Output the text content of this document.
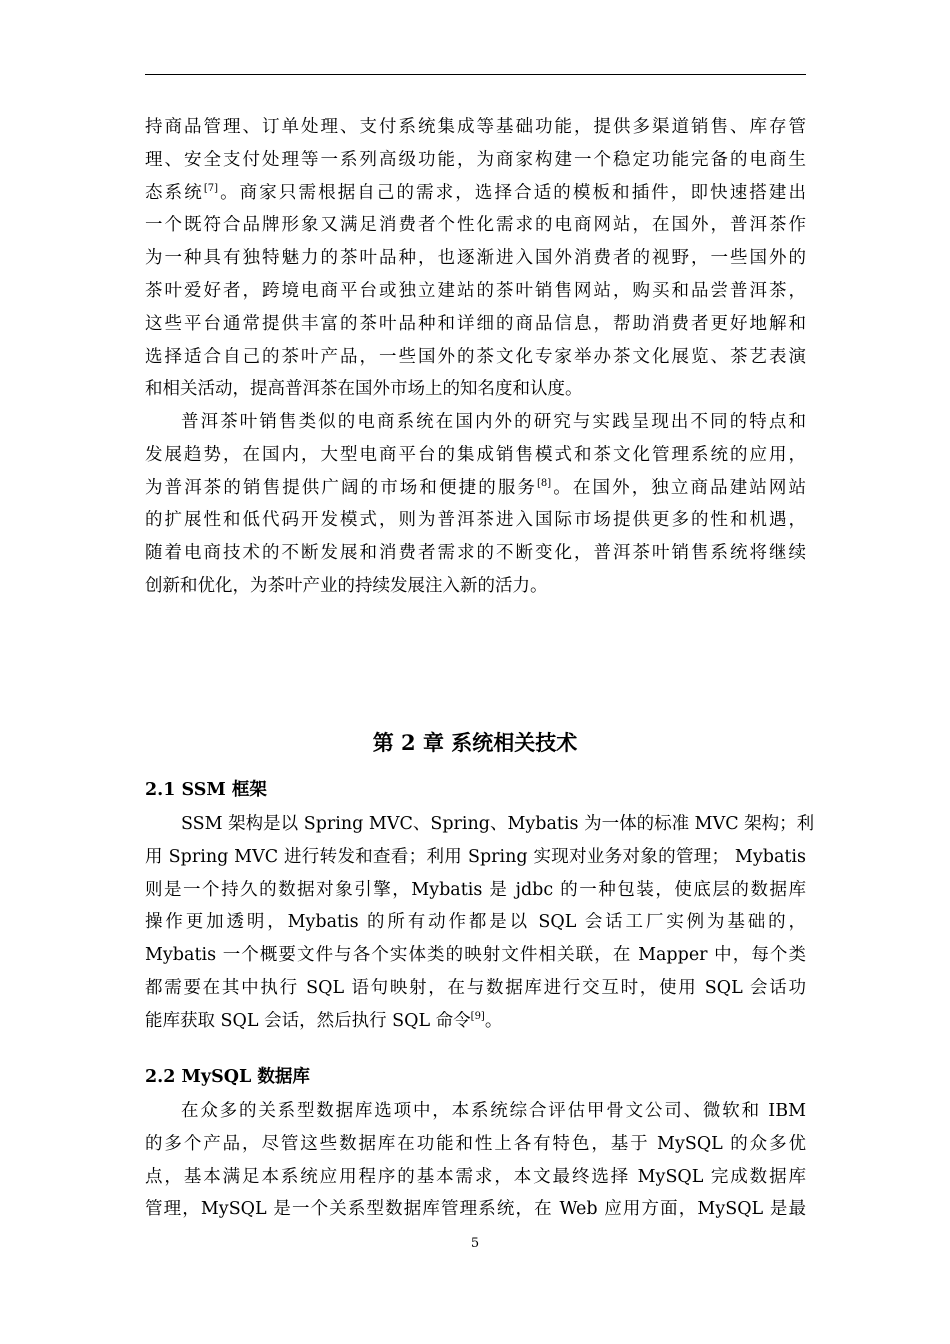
持商品管理、订单处理、支付系统集成等基础功能，提供多渠道销售、库存管
理、安全支付处理等一系列高级功能，为商家构建一个稳定功能完备的电商生
态系统[7]。商家只需根据自己的需求，选择合适的模板和插件，即快速搭建出
一个既符合品牌形象又满足消费者个性化需求的电商网站，在国外，普洱茶作
为一种具有独特魅力的茶叶品种，也逐渐进入国外消费者的视野，一些国外的
茶叶爱好者，跨境电商平台或独立建站的茶叶销售网站，购买和品尝普洱茶，
这些平台通常提供丰富的茶叶品种和详细的商品信息，帮助消费者更好地解和
选择适合自己的茶叶产品，一些国外的茶文化专家举办茶文化展览、茶艺表演
和相关活动，提高普洱茶在国外市场上的知名度和认度。
普洱茶叶销售类似的电商系统在国内外的研究与实践呈现出不同的特点和
发展趋势，在国内，大型电商平台的集成销售模式和茶文化管理系统的应用，
为普洱茶的销售提供广阔的市场和便捷的服务[8]。在国外，独立商品建站网站
的扩展性和低代码开发模式，则为普洱茶进入国际市场提供更多的性和机遇，
随着电商技术的不断发展和消费者需求的不断变化，普洱茶叶销售系统将继续
创新和优化，为茶叶产业的持续发展注入新的活力。
第 2 章 系统相关技术
2.1 SSM 框架
SSM 架构是以 Spring MVC、Spring、Mybatis 为一体的标准 MVC 架构；利
用 Spring MVC 进行转发和查看；利用 Spring 实现对业务对象的管理； Mybatis
则是一个持久的数据对象引擎，Mybatis 是 jdbc 的一种包装，使底层的数据库
操作更加透明，Mybatis 的所有动作都是以 SQL 会话工厂实例为基础的，
Mybatis 一个概要文件与各个实体类的映射文件相关联，在 Mapper 中，每个类
都需要在其中执行 SQL 语句映射，在与数据库进行交互时，使用 SQL 会话功
能库获取 SQL 会话，然后执行 SQL 命令[9]。
2.2 MySQL 数据库
在众多的关系型数据库选项中，本系统综合评估甲骨文公司、微软和 IBM
的多个产品，尽管这些数据库在功能和性上各有特色，基于 MySQL 的众多优
点，基本满足本系统应用程序的基本需求，本文最终选择 MySQL 完成数据库
管理，MySQL 是一个关系型数据库管理系统，在 Web 应用方面，MySQL 是最
5
